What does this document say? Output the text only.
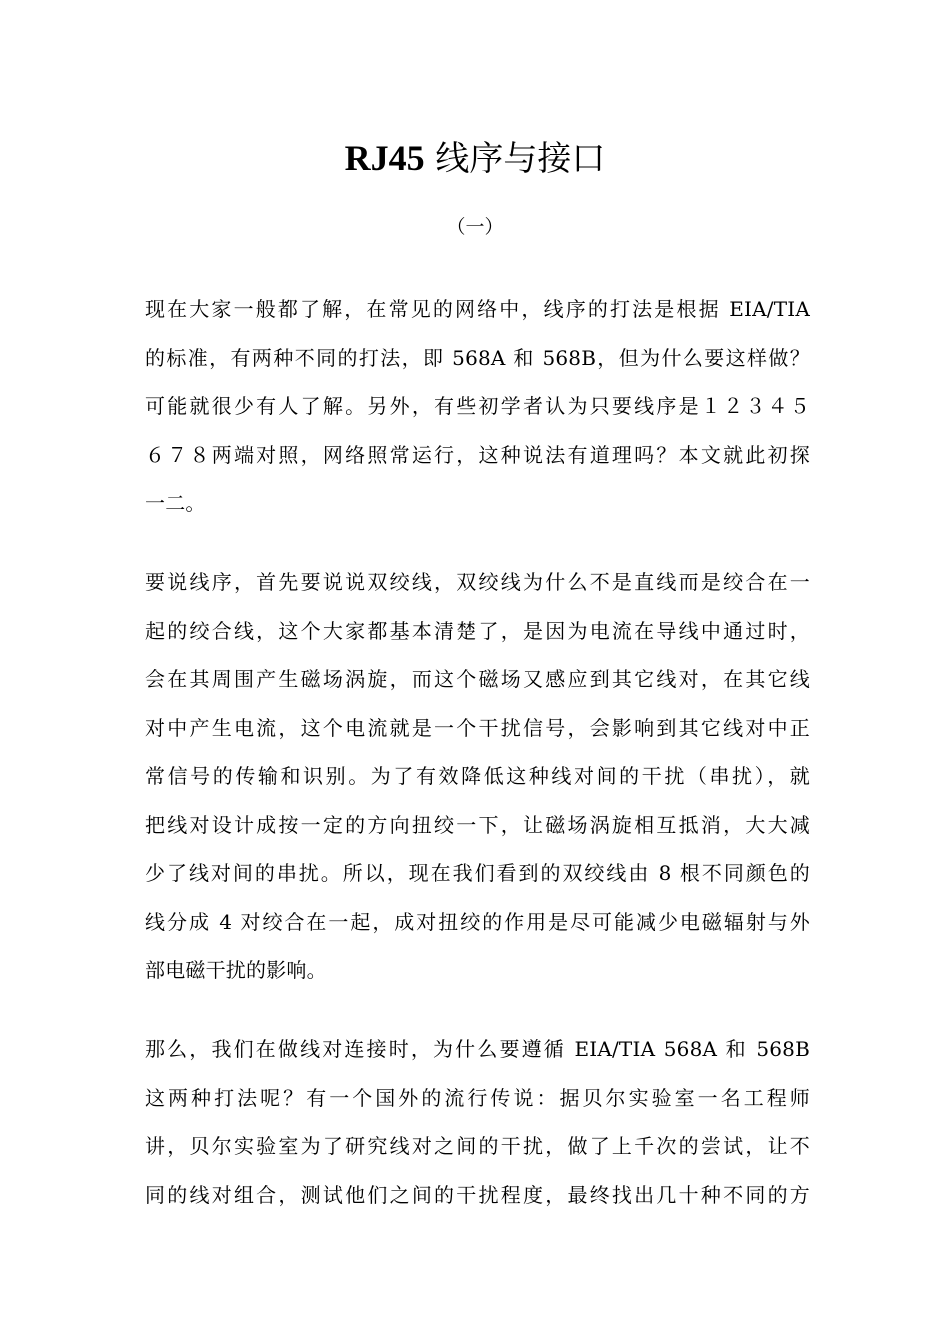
RJ45 线序与接口
（一）

现在大家一般都了解，在常见的网络中，线序的打法是根据 EIA/TIA
的标准，有两种不同的打法，即 568A 和 568B，但为什么要这样做？
可能就很少有人了解。另外，有些初学者认为只要线序是１２３４５
６７８两端对照，网络照常运行，这种说法有道理吗？本文就此初探
一二。

要说线序，首先要说说双绞线，双绞线为什么不是直线而是绞合在一
起的绞合线，这个大家都基本清楚了，是因为电流在导线中通过时，
会在其周围产生磁场涡旋，而这个磁场又感应到其它线对，在其它线
对中产生电流，这个电流就是一个干扰信号，会影响到其它线对中正
常信号的传输和识别。为了有效降低这种线对间的干扰（串扰），就
把线对设计成按一定的方向扭绞一下，让磁场涡旋相互抵消，大大减
少了线对间的串扰。所以，现在我们看到的双绞线由 8 根不同颜色的
线分成 4 对绞合在一起，成对扭绞的作用是尽可能减少电磁辐射与外
部电磁干扰的影响。

那么，我们在做线对连接时，为什么要遵循 EIA/TIA 568A 和 568B
这两种打法呢？有一个国外的流行传说：据贝尔实验室一名工程师
讲，贝尔实验室为了研究线对之间的干扰，做了上千次的尝试，让不
同的线对组合，测试他们之间的干扰程度，最终找出几十种不同的方
